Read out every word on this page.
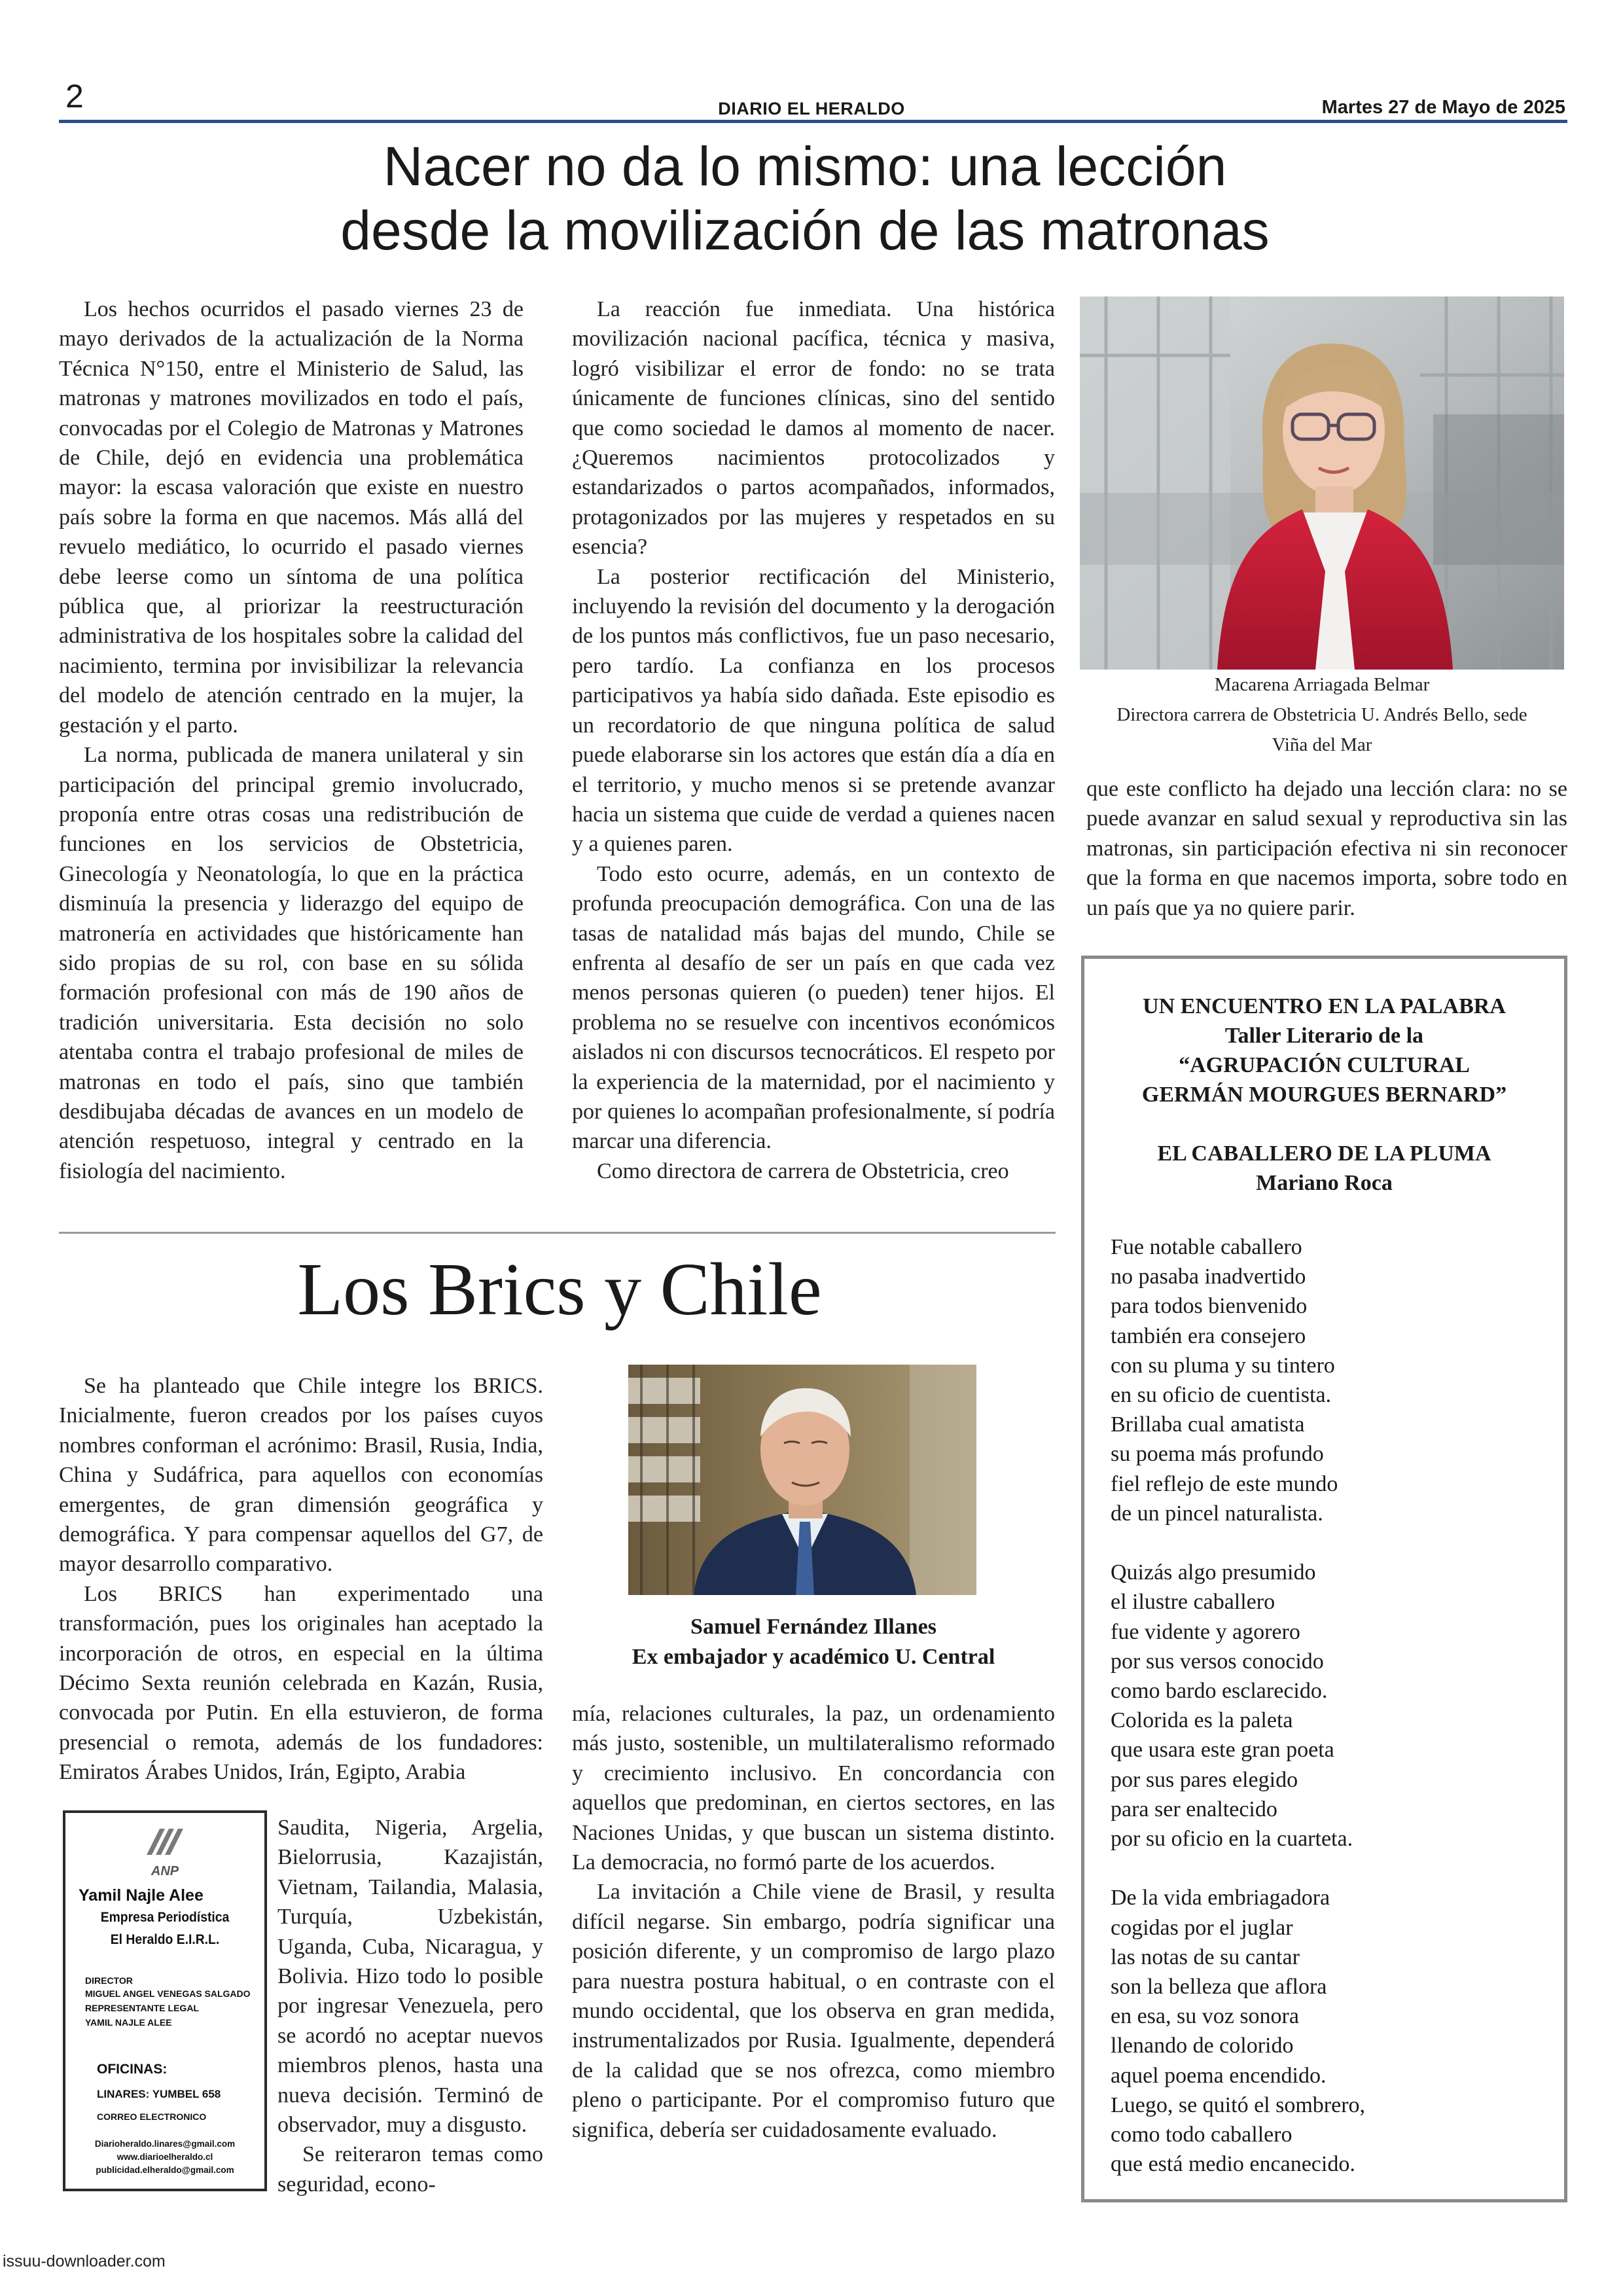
2	DIARIO EL HERALDO	Martes 27 de Mayo de 2025
Nacer no da lo mismo: una lección
desde la movilización de las matronas

Los hechos ocurridos el pasado viernes 23 de mayo derivados de la actualización de la Norma Técnica N°150, entre el Ministerio de Salud, las matronas y matrones movilizados en todo el país, convocadas por el Colegio de Matronas y Matrones de Chile, dejó en evidencia una problemática mayor: la escasa valoración que existe en nuestro país sobre la forma en que nacemos. Más allá del revuelo mediático, lo ocurrido el pasado viernes debe leerse como un síntoma de una política pública que, al priorizar la reestructuración administrativa de los hospitales sobre la calidad del nacimiento, termina por invisibilizar la relevancia del modelo de atención centrado en la mujer, la gestación y el parto.

La norma, publicada de manera unilateral y sin participación del principal gremio involucrado, proponía entre otras cosas una redistribución de funciones en los servicios de Obstetricia, Ginecología y Neonatología, lo que en la práctica disminuía la presencia y liderazgo del equipo de matronería en actividades que históricamente han sido propias de su rol, con base en su sólida formación profesional con más de 190 años de tradición universitaria. Esta decisión no solo atentaba contra el trabajo profesional de miles de matronas en todo el país, sino que también desdibujaba décadas de avances en un modelo de atención respetuoso, integral y centrado en la fisiología del nacimiento.

La reacción fue inmediata. Una histórica movilización nacional pacífica, técnica y masiva, logró visibilizar el error de fondo: no se trata únicamente de funciones clínicas, sino del sentido que como sociedad le damos al momento de nacer. ¿Queremos nacimientos protocolizados y estandarizados o partos acompañados, informados, protagonizados por las mujeres y respetados en su esencia?

La posterior rectificación del Ministerio, incluyendo la revisión del documento y la derogación de los puntos más conflictivos, fue un paso necesario, pero tardío. La confianza en los procesos participativos ya había sido dañada. Este episodio es un recordatorio de que ninguna política de salud puede elaborarse sin los actores que están día a día en el territorio, y mucho menos si se pretende avanzar hacia un sistema que cuide de verdad a quienes nacen y a quienes paren.

Todo esto ocurre, además, en un contexto de profunda preocupación demográfica. Con una de las tasas de natalidad más bajas del mundo, Chile se enfrenta al desafío de ser un país en que cada vez menos personas quieren (o pueden) tener hijos. El problema no se resuelve con incentivos económicos aislados ni con discursos tecnocráticos. El respeto por la experiencia de la maternidad, por el nacimiento y por quienes lo acompañan profesionalmente, sí podría marcar una diferencia.

Como directora de carrera de Obstetricia, creo

Macarena Arriagada Belmar
Directora carrera de Obstetricia U. Andrés Bello, sede
Viña del Mar

que este conflicto ha dejado una lección clara: no se puede avanzar en salud sexual y reproductiva sin las matronas, sin participación efectiva ni sin reconocer que la forma en que nacemos importa, sobre todo en un país que ya no quiere parir.

Los Brics y Chile
Samuel Fernández Illanes
Ex embajador y académico U. Central

Se ha planteado que Chile integre los BRICS. Inicialmente, fueron creados por los países cuyos nombres conforman el acrónimo: Brasil, Rusia, India, China y Sudáfrica, para aquellos con economías emergentes, de gran dimensión geográfica y demográfica. Y para compensar aquellos del G7, de mayor desarrollo comparativo.

Los BRICS han experimentado una transformación, pues los originales han aceptado la incorporación de otros, en especial en la última Décimo Sexta reunión celebrada en Kazán, Rusia, convocada por Putin. En ella estuvieron, de forma presencial o remota, además de los fundadores: Emiratos Árabes Unidos, Irán, Egipto, Arabia

Saudita, Nigeria, Argelia, Bielorrusia, Kazajistán, Vietnam, Tailandia, Malasia, Turquía, Uzbekistán, Uganda, Cuba, Nicaragua, y Bolivia. Hizo todo lo posible por ingresar Venezuela, pero se acordó no aceptar nuevos miembros plenos, hasta una nueva decisión. Terminó de observador, muy a disgusto.

Se reiteraron temas como seguridad, econo-

mía, relaciones culturales, la paz, un ordenamiento más justo, sostenible, un multilateralismo reformado y crecimiento inclusivo. En concordancia con aquellos que predominan, en ciertos sectores, en las Naciones Unidas, y que buscan un sistema distinto. La democracia, no formó parte de los acuerdos.

La invitación a Chile viene de Brasil, y resulta difícil negarse. Sin embargo, podría significar una posición diferente, y un compromiso de largo plazo para nuestra postura habitual, o en contraste con el mundo occidental, que los observa en gran medida, instrumentalizados por Rusia. Igualmente, dependerá de la calidad que se nos ofrezca, como miembro pleno o participante. Por el compromiso futuro que significa, debería ser cuidadosamente evaluado.

ANP
Yamil Najle Alee
Empresa Periodística
El Heraldo E.I.R.L.
DIRECTOR
MIGUEL ANGEL VENEGAS SALGADO
REPRESENTANTE LEGAL
YAMIL NAJLE ALEE
OFICINAS:
LINARES: YUMBEL 658
CORREO ELECTRONICO
Diarioheraldo.linares@gmail.com
www.diarioelheraldo.cl
publicidad.elheraldo@gmail.com
UN ENCUENTRO EN LA PALABRA
Taller Literario de la
“AGRUPACIÓN CULTURAL
GERMÁN MOURGUES BERNARD”
EL CABALLERO DE LA PLUMA
Mariano Roca
Fue notable caballero
no pasaba inadvertido
para todos bienvenido
también era consejero
con su pluma y su tintero
en su oficio de cuentista.
Brillaba cual amatista
su poema más profundo
fiel reflejo de este mundo
de un pincel naturalista.
Quizás algo presumido
el ilustre caballero
fue vidente y agorero
por sus versos conocido
como bardo esclarecido.
Colorida es la paleta
que usara este gran poeta
por sus pares elegido
para ser enaltecido
por su oficio en la cuarteta.
De la vida embriagadora
cogidas por el juglar
las notas de su cantar
son la belleza que aflora
en esa, su voz sonora
llenando de colorido
aquel poema encendido.
Luego, se quitó el sombrero,
como todo caballero
que está medio encanecido.
issuu-downloader.com
